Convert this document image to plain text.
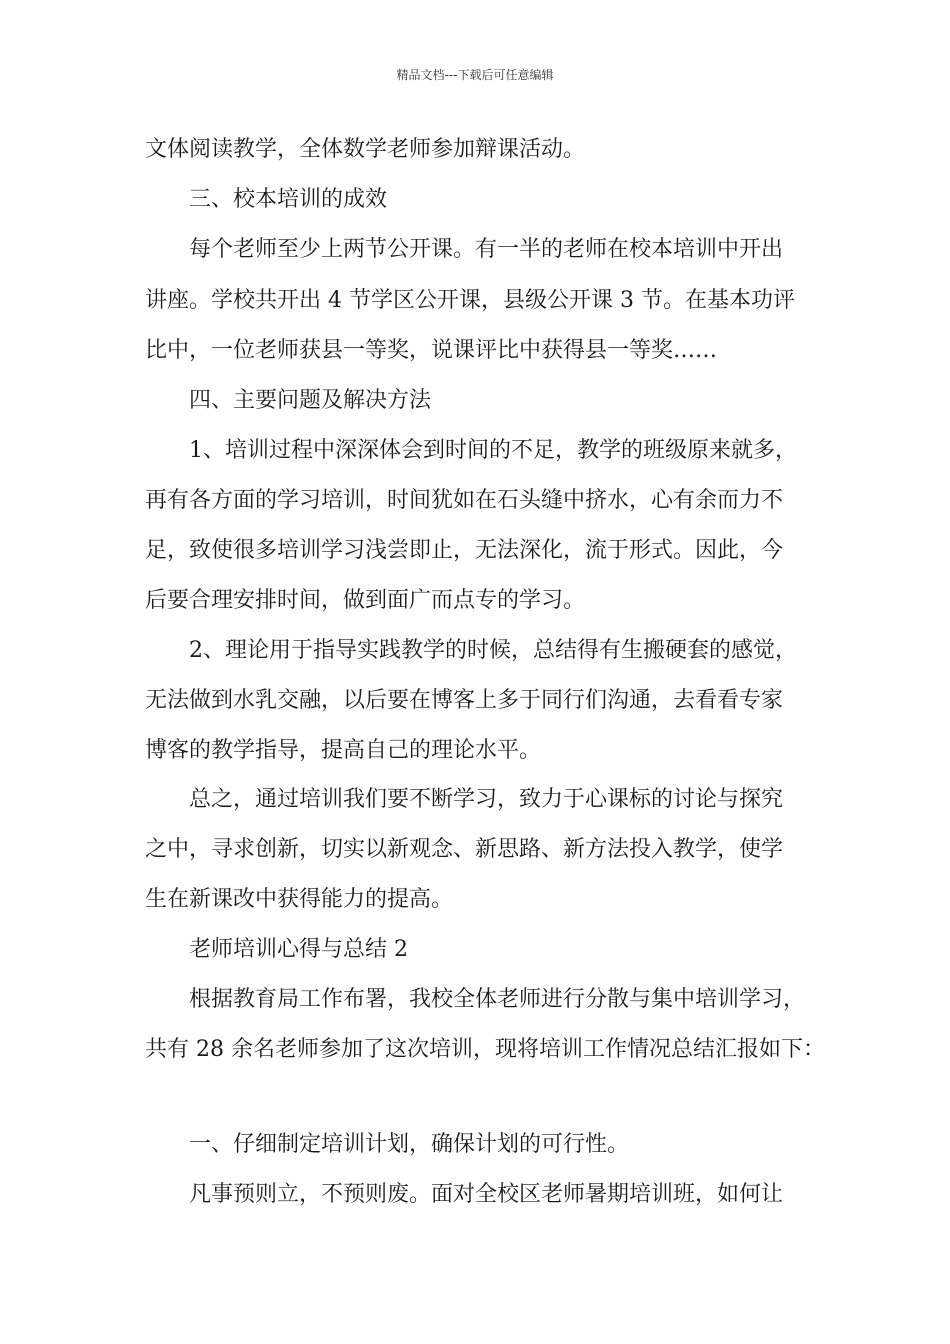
精品文档---下载后可任意编辑
文体阅读教学，全体数学老师参加辩课活动。
　　三、校本培训的成效
　　每个老师至少上两节公开课。有一半的老师在校本培训中开出
讲座。学校共开出 4 节学区公开课，县级公开课 3 节。在基本功评
比中，一位老师获县一等奖，说课评比中获得县一等奖……
　　四、主要问题及解决方法
　　1、培训过程中深深体会到时间的不足，教学的班级原来就多，
再有各方面的学习培训，时间犹如在石头缝中挤水，心有余而力不
足，致使很多培训学习浅尝即止，无法深化，流于形式。因此，今
后要合理安排时间，做到面广而点专的学习。
　　2、理论用于指导实践教学的时候，总结得有生搬硬套的感觉，
无法做到水乳交融，以后要在博客上多于同行们沟通，去看看专家
博客的教学指导，提高自己的理论水平。
　　总之，通过培训我们要不断学习，致力于心课标的讨论与探究
之中，寻求创新，切实以新观念、新思路、新方法投入教学，使学
生在新课改中获得能力的提高。
　　老师培训心得与总结 2
　　根据教育局工作布署，我校全体老师进行分散与集中培训学习，
共有 28 余名老师参加了这次培训，现将培训工作情况总结汇报如下：
　　一、仔细制定培训计划，确保计划的可行性。
　　凡事预则立，不预则废。面对全校区老师暑期培训班，如何让
